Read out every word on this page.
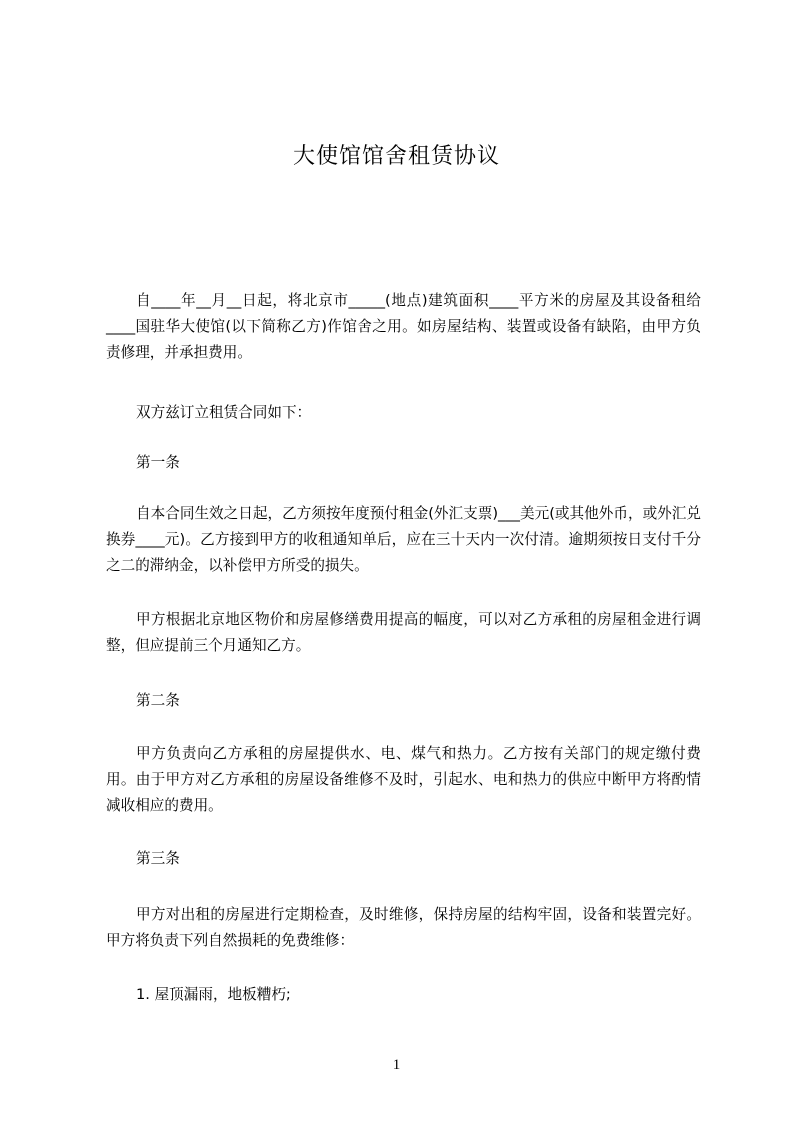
大使馆馆舍租赁协议

自____年__月__日起，将北京市_____(地点)建筑面积____平方米的房屋及其设备租给____国驻华大使馆(以下简称乙方)作馆舍之用。如房屋结构、装置或设备有缺陷，由甲方负责修理，并承担费用。

双方兹订立租赁合同如下：

第一条

自本合同生效之日起，乙方须按年度预付租金(外汇支票)___美元(或其他外币，或外汇兑换券____元)。乙方接到甲方的收租通知单后，应在三十天内一次付清。逾期须按日支付千分之二的滞纳金，以补偿甲方所受的损失。

甲方根据北京地区物价和房屋修缮费用提高的幅度，可以对乙方承租的房屋租金进行调整，但应提前三个月通知乙方。

第二条

甲方负责向乙方承租的房屋提供水、电、煤气和热力。乙方按有关部门的规定缴付费用。由于甲方对乙方承租的房屋设备维修不及时，引起水、电和热力的供应中断甲方将酌情减收相应的费用。

第三条

甲方对出租的房屋进行定期检查，及时维修，保持房屋的结构牢固，设备和装置完好。甲方将负责下列自然损耗的免费维修：

1. 屋顶漏雨，地板糟朽;

1
